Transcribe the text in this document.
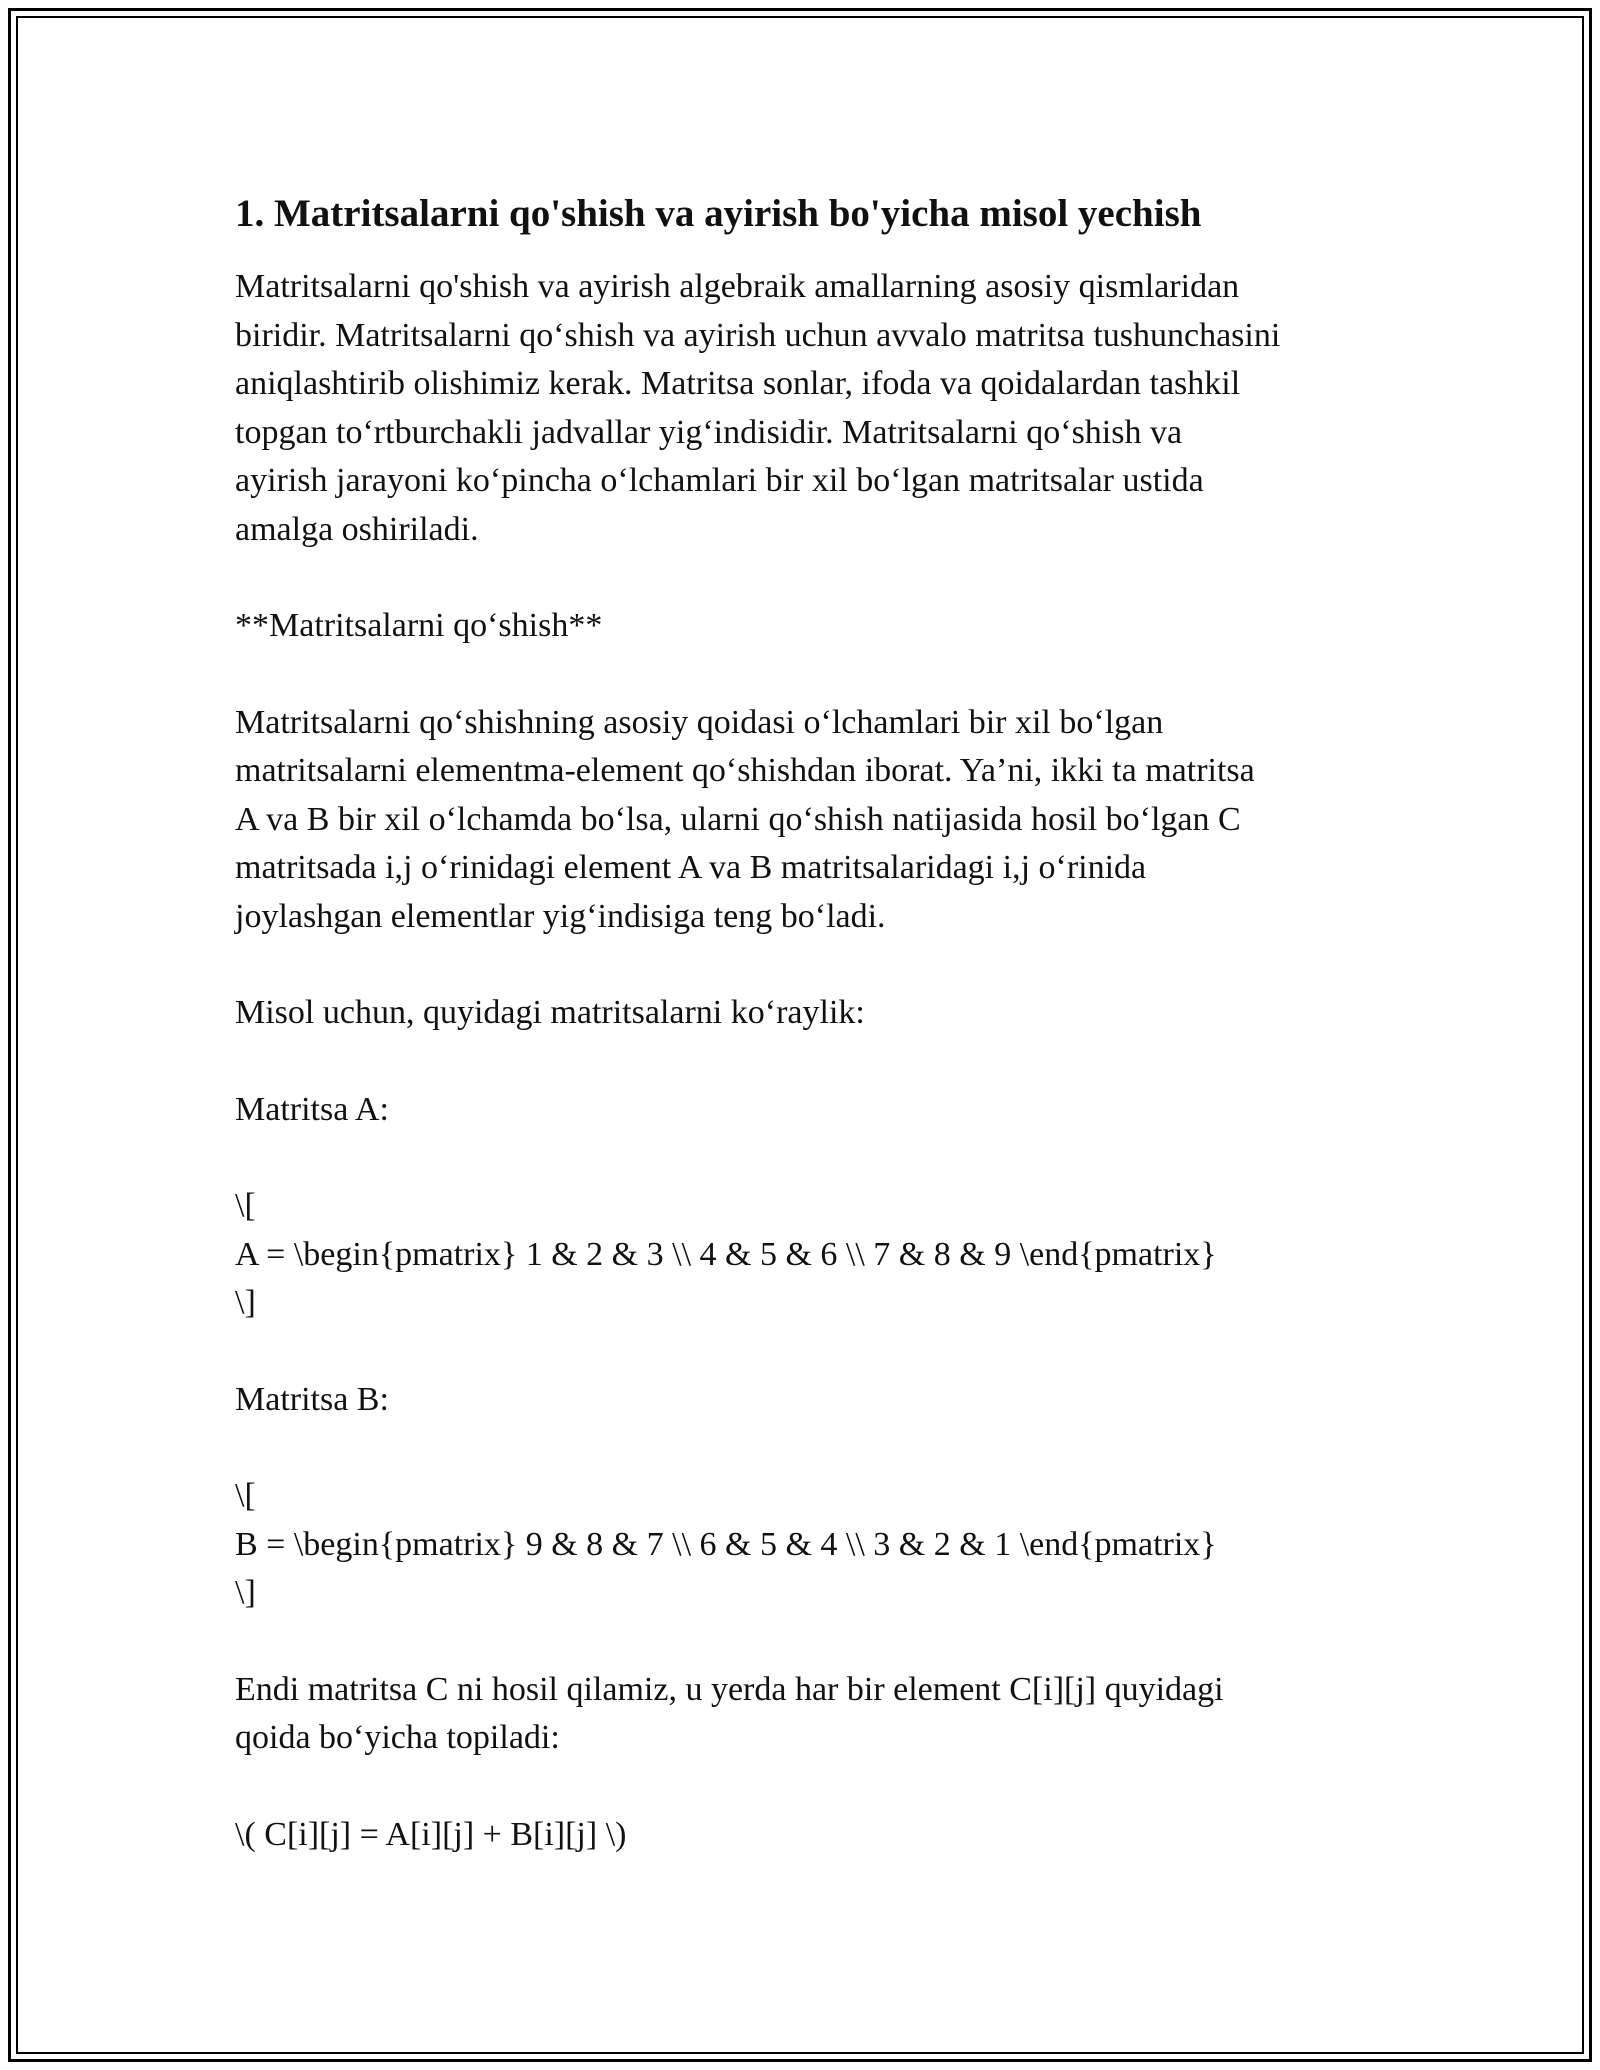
1. Matritsalarni qo'shish va ayirish bo'yicha misol yechish

Matritsalarni qo'shish va ayirish algebraik amallarning asosiy qismlaridan
biridir. Matritsalarni qo‘shish va ayirish uchun avvalo matritsa tushunchasini
aniqlashtirib olishimiz kerak. Matritsa sonlar, ifoda va qoidalardan tashkil
topgan to‘rtburchakli jadvallar yig‘indisidir. Matritsalarni qo‘shish va
ayirish jarayoni ko‘pincha o‘lchamlari bir xil bo‘lgan matritsalar ustida
amalga oshiriladi.

**Matritsalarni qo‘shish**

Matritsalarni qo‘shishning asosiy qoidasi o‘lchamlari bir xil bo‘lgan
matritsalarni elementma-element qo‘shishdan iborat. Ya’ni, ikki ta matritsa
A va B bir xil o‘lchamda bo‘lsa, ularni qo‘shish natijasida hosil bo‘lgan C
matritsada i,j o‘rinidagi element A va B matritsalaridagi i,j o‘rinida
joylashgan elementlar yig‘indisiga teng bo‘ladi.

Misol uchun, quyidagi matritsalarni ko‘raylik:

Matritsa A:

\[
A = \begin{pmatrix} 1 & 2 & 3 \\ 4 & 5 & 6 \\ 7 & 8 & 9 \end{pmatrix}
\]

Matritsa B:

\[
B = \begin{pmatrix} 9 & 8 & 7 \\ 6 & 5 & 4 \\ 3 & 2 & 1 \end{pmatrix}
\]

Endi matritsa C ni hosil qilamiz, u yerda har bir element C[i][j] quyidagi
qoida bo‘yicha topiladi:

\( C[i][j] = A[i][j] + B[i][j] \)
